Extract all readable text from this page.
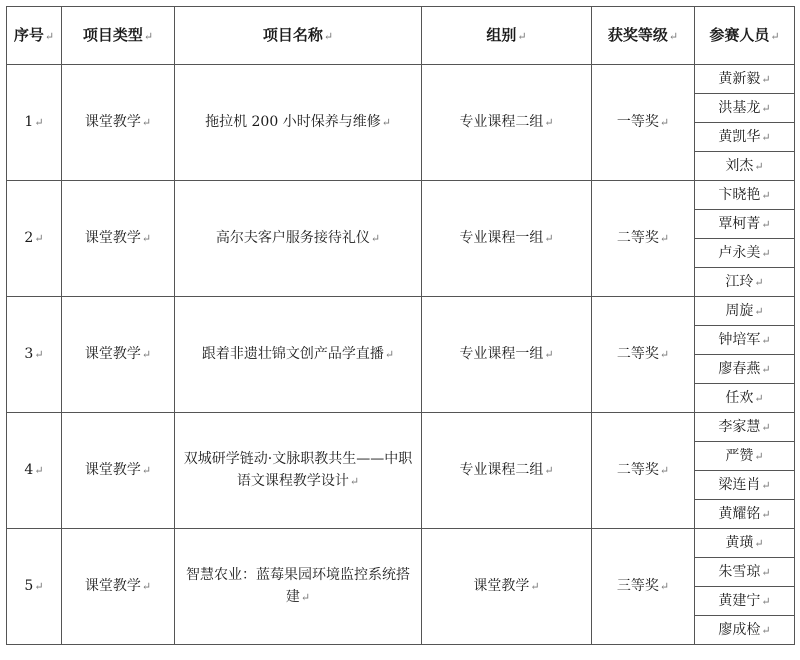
序号↵	项目类型↵	项目名称↵	组别↵	获奖等级↵	参赛人员↵
1↵	课堂教学↵	拖拉机 200 小时保养与维修↵	专业课程二组↵	一等奖↵	黄新毅↵
					洪基龙↵
					黄凯华↵
					刘杰↵
2↵	课堂教学↵	高尔夫客户服务接待礼仪↵	专业课程一组↵	二等奖↵	卞晓艳↵
					覃柯菁↵
					卢永美↵
					江玲↵
3↵	课堂教学↵	跟着非遗壮锦文创产品学直播↵	专业课程一组↵	二等奖↵	周旋↵
					钟培军↵
					廖春燕↵
					任欢↵
4↵	课堂教学↵	双城研学链动·文脉职教共生——中职语文课程教学设计↵	专业课程二组↵	二等奖↵	李家慧↵
					严赞↵
					梁连肖↵
					黄耀铭↵
5↵	课堂教学↵	智慧农业：蓝莓果园环境监控系统搭建↵	课堂教学↵	三等奖↵	黄璜↵
					朱雪琼↵
					黄建宁↵
					廖成检↵
